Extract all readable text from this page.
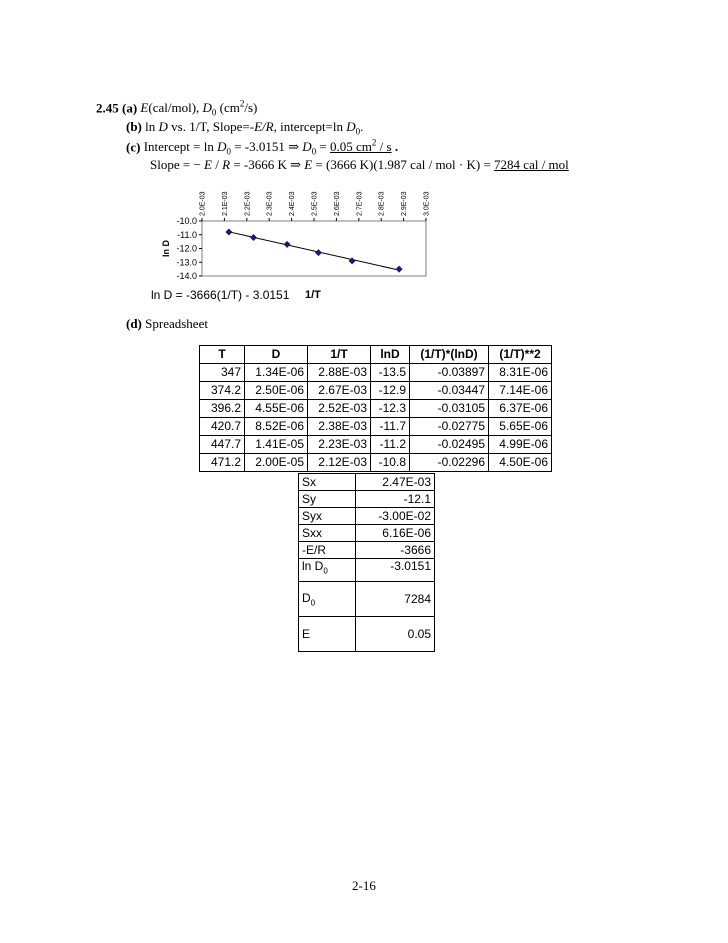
2.45 (a) E(cal/mol), $D_0$ $(cm^2/s)$
(b) ln D vs. 1/T, Slope=-E/R, intercept=ln $D_0$.
(c) Intercept = $\ln D_0 = -3.0151$ ⇒ $D_0 = 0.05$ $cm^2$ / s .
Slope = − E / R = -3666 K ⇒ E = (3666 K)(1.987 cal / mol · K) = 7284 cal / mol
2.0E-03 2.1E-03 2.2E-03 2.3E-03 2.4E-03 2.5E-03 2.6E-03 2.7E-03 2.8E-03 2.9E-03 3.0E-03
-10.0
-11.0
-12.0
-13.0
-14.0
ln D
ln D = -3666(1/T) - 3.0151 1/T
(d) Spreadsheet
T	D	1/T	lnD	(1/T)*(lnD)	(1/T)**2
347	1.34E-06	2.88E-03	-13.5	-0.03897	8.31E-06
374.2	2.50E-06	2.67E-03	-12.9	-0.03447	7.14E-06
396.2	4.55E-06	2.52E-03	-12.3	-0.03105	6.37E-06
420.7	8.52E-06	2.38E-03	-11.7	-0.02775	5.65E-06
447.7	1.41E-05	2.23E-03	-11.2	-0.02495	4.99E-06
471.2	2.00E-05	2.12E-03	-10.8	-0.02296	4.50E-06
Sx	2.47E-03
Sy	-12.1
Syx	-3.00E-02
Sxx	6.16E-06
-E/R	-3666
$\ln D_0$	-3.0151
$D_0$	7284
E	0.05
2-16
